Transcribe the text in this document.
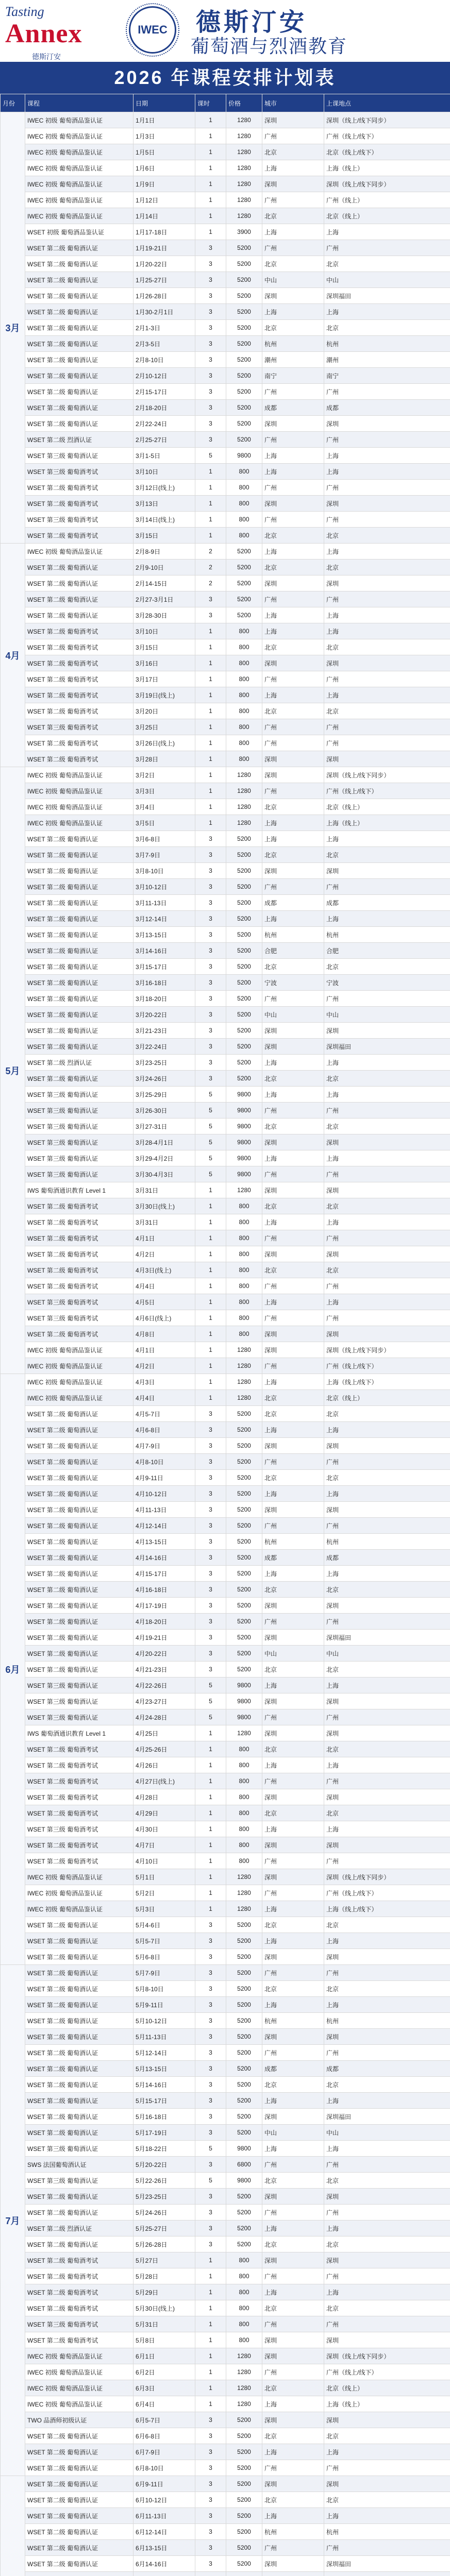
Tasting
Annex
德斯汀安
IWEC 德斯汀安
葡萄酒与烈酒教育
2026 年课程安排计划表
月份	课程	日期	课时	价格	城市	上课地点
3月	IWEC 初级 葡萄酒品鉴认证	1月1日	1	1280	深圳	深圳（线上/线下同步）
	IWEC 初级 葡萄酒品鉴认证	1月3日	1	1280	广州	广州（线上/线下）
	IWEC 初级 葡萄酒品鉴认证	1月5日	1	1280	北京	北京（线上/线下）
	IWEC 初级 葡萄酒品鉴认证	1月6日	1	1280	上海	上海（线上）
	IWEC 初级 葡萄酒品鉴认证	1月9日	1	1280	深圳	深圳（线上/线下同步）
	IWEC 初级 葡萄酒品鉴认证	1月12日	1	1280	广州	广州（线上）
	IWEC 初级 葡萄酒品鉴认证	1月14日	1	1280	北京	北京（线上）
	WSET 初级 葡萄酒品鉴认证	1月17-18日	1	3900	上海	上海
	WSET 第二级 葡萄酒认证	1月19-21日	3	5200	广州	广州
	WSET 第二级 葡萄酒认证	1月20-22日	3	5200	北京	北京
	WSET 第二级 葡萄酒认证	1月25-27日	3	5200	中山	中山
	WSET 第二级 葡萄酒认证	1月26-28日	3	5200	深圳	深圳福田
	WSET 第二级 葡萄酒认证	1月30-2月1日	3	5200	上海	上海
	WSET 第二级 葡萄酒认证	2月1-3日	3	5200	北京	北京
	WSET 第二级 葡萄酒认证	2月3-5日	3	5200	杭州	杭州
	WSET 第二级 葡萄酒认证	2月8-10日	3	5200	潮州	潮州
	WSET 第二级 葡萄酒认证	2月10-12日	3	5200	南宁	南宁
	WSET 第二级 葡萄酒认证	2月15-17日	3	5200	广州	广州
	WSET 第二级 葡萄酒认证	2月18-20日	3	5200	成都	成都
	WSET 第二级 葡萄酒认证	2月22-24日	3	5200	深圳	深圳
	WSET 第二级 烈酒认证	2月25-27日	3	5200	广州	广州
	WSET 第三级 葡萄酒认证	3月1-5日	5	9800	上海	上海
	WSET 第三级 葡萄酒考试	3月10日	1	800	上海	上海
	WSET 第二级 葡萄酒考试	3月12日(线上)	1	800	广州	广州
	WSET 第二级 葡萄酒考试	3月13日	1	800	深圳	深圳
	WSET 第三级 葡萄酒考试	3月14日(线上)	1	800	广州	广州
	WSET 第二级 葡萄酒考试	3月15日	1	800	北京	北京
4月	IWEC 初级 葡萄酒品鉴认证	2月8-9日	2	5200	上海	上海
	WSET 第二级 葡萄酒认证	2月9-10日	2	5200	北京	北京
	WSET 第二级 葡萄酒认证	2月14-15日	2	5200	深圳	深圳
	WSET 第二级 葡萄酒认证	2月27-3月1日	3	5200	广州	广州
	WSET 第二级 葡萄酒认证	3月28-30日	3	5200	上海	上海
	WSET 第二级 葡萄酒考试	3月10日	1	800	上海	上海
	WSET 第二级 葡萄酒考试	3月15日	1	800	北京	北京
	WSET 第二级 葡萄酒考试	3月16日	1	800	深圳	深圳
	WSET 第二级 葡萄酒考试	3月17日	1	800	广州	广州
	WSET 第二级 葡萄酒考试	3月19日(线上)	1	800	上海	上海
	WSET 第二级 葡萄酒考试	3月20日	1	800	北京	北京
	WSET 第三级 葡萄酒考试	3月25日	1	800	广州	广州
	WSET 第二级 葡萄酒考试	3月26日(线上)	1	800	广州	广州
	WSET 第二级 葡萄酒考试	3月28日	1	800	深圳	深圳
5月	IWEC 初级 葡萄酒品鉴认证	3月2日	1	1280	深圳	深圳（线上/线下同步）
	IWEC 初级 葡萄酒品鉴认证	3月3日	1	1280	广州	广州（线上/线下）
	IWEC 初级 葡萄酒品鉴认证	3月4日	1	1280	北京	北京（线上）
	IWEC 初级 葡萄酒品鉴认证	3月5日	1	1280	上海	上海（线上）
	WSET 第二级 葡萄酒认证	3月6-8日	3	5200	上海	上海
	WSET 第二级 葡萄酒认证	3月7-9日	3	5200	北京	北京
	WSET 第二级 葡萄酒认证	3月8-10日	3	5200	深圳	深圳
	WSET 第二级 葡萄酒认证	3月10-12日	3	5200	广州	广州
	WSET 第二级 葡萄酒认证	3月11-13日	3	5200	成都	成都
	WSET 第二级 葡萄酒认证	3月12-14日	3	5200	上海	上海
	WSET 第二级 葡萄酒认证	3月13-15日	3	5200	杭州	杭州
	WSET 第二级 葡萄酒认证	3月14-16日	3	5200	合肥	合肥
	WSET 第二级 葡萄酒认证	3月15-17日	3	5200	北京	北京
	WSET 第二级 葡萄酒认证	3月16-18日	3	5200	宁波	宁波
	WSET 第二级 葡萄酒认证	3月18-20日	3	5200	广州	广州
	WSET 第二级 葡萄酒认证	3月20-22日	3	5200	中山	中山
	WSET 第二级 葡萄酒认证	3月21-23日	3	5200	深圳	深圳
	WSET 第二级 葡萄酒认证	3月22-24日	3	5200	深圳	深圳福田
	WSET 第二级 烈酒认证	3月23-25日	3	5200	上海	上海
	WSET 第二级 葡萄酒认证	3月24-26日	3	5200	北京	北京
	WSET 第三级 葡萄酒认证	3月25-29日	5	9800	上海	上海
	WSET 第三级 葡萄酒认证	3月26-30日	5	9800	广州	广州
	WSET 第三级 葡萄酒认证	3月27-31日	5	9800	北京	北京
	WSET 第三级 葡萄酒认证	3月28-4月1日	5	9800	深圳	深圳
	WSET 第三级 葡萄酒认证	3月29-4月2日	5	9800	上海	上海
	WSET 第三级 葡萄酒认证	3月30-4月3日	5	9800	广州	广州
	IWS 葡萄酒通识教育 Level 1	3月31日	1	1280	深圳	深圳
	WSET 第二级 葡萄酒考试	3月30日(线上)	1	800	北京	北京
	WSET 第二级 葡萄酒考试	3月31日	1	800	上海	上海
	WSET 第二级 葡萄酒考试	4月1日	1	800	广州	广州
	WSET 第二级 葡萄酒考试	4月2日	1	800	深圳	深圳
	WSET 第二级 葡萄酒考试	4月3日(线上)	1	800	北京	北京
	WSET 第二级 葡萄酒考试	4月4日	1	800	广州	广州
	WSET 第三级 葡萄酒考试	4月5日	1	800	上海	上海
	WSET 第三级 葡萄酒考试	4月6日(线上)	1	800	广州	广州
	WSET 第二级 葡萄酒考试	4月8日	1	800	深圳	深圳
	IWEC 初级 葡萄酒品鉴认证	4月1日	1	1280	深圳	深圳（线上/线下同步）
	IWEC 初级 葡萄酒品鉴认证	4月2日	1	1280	广州	广州（线上/线下）
6月	IWEC 初级 葡萄酒品鉴认证	4月3日	1	1280	上海	上海（线上/线下）
	IWEC 初级 葡萄酒品鉴认证	4月4日	1	1280	北京	北京（线上）
	WSET 第二级 葡萄酒认证	4月5-7日	3	5200	北京	北京
	WSET 第二级 葡萄酒认证	4月6-8日	3	5200	上海	上海
	WSET 第二级 葡萄酒认证	4月7-9日	3	5200	深圳	深圳
	WSET 第二级 葡萄酒认证	4月8-10日	3	5200	广州	广州
	WSET 第二级 葡萄酒认证	4月9-11日	3	5200	北京	北京
	WSET 第二级 葡萄酒认证	4月10-12日	3	5200	上海	上海
	WSET 第二级 葡萄酒认证	4月11-13日	3	5200	深圳	深圳
	WSET 第二级 葡萄酒认证	4月12-14日	3	5200	广州	广州
	WSET 第二级 葡萄酒认证	4月13-15日	3	5200	杭州	杭州
	WSET 第二级 葡萄酒认证	4月14-16日	3	5200	成都	成都
	WSET 第二级 葡萄酒认证	4月15-17日	3	5200	上海	上海
	WSET 第二级 葡萄酒认证	4月16-18日	3	5200	北京	北京
	WSET 第二级 葡萄酒认证	4月17-19日	3	5200	深圳	深圳
	WSET 第二级 葡萄酒认证	4月18-20日	3	5200	广州	广州
	WSET 第二级 葡萄酒认证	4月19-21日	3	5200	深圳	深圳福田
	WSET 第二级 葡萄酒认证	4月20-22日	3	5200	中山	中山
	WSET 第二级 葡萄酒认证	4月21-23日	3	5200	北京	北京
	WSET 第三级 葡萄酒认证	4月22-26日	5	9800	上海	上海
	WSET 第三级 葡萄酒认证	4月23-27日	5	9800	深圳	深圳
	WSET 第三级 葡萄酒认证	4月24-28日	5	9800	广州	广州
	IWS 葡萄酒通识教育 Level 1	4月25日	1	1280	深圳	深圳
	WSET 第二级 葡萄酒考试	4月25-26日	1	800	北京	北京
	WSET 第二级 葡萄酒考试	4月26日	1	800	上海	上海
	WSET 第二级 葡萄酒考试	4月27日(线上)	1	800	广州	广州
	WSET 第二级 葡萄酒考试	4月28日	1	800	深圳	深圳
	WSET 第二级 葡萄酒考试	4月29日	1	800	北京	北京
	WSET 第三级 葡萄酒考试	4月30日	1	800	上海	上海
	WSET 第二级 葡萄酒考试	4月7日	1	800	深圳	深圳
	WSET 第二级 葡萄酒考试	4月10日	1	800	广州	广州
	IWEC 初级 葡萄酒品鉴认证	5月1日	1	1280	深圳	深圳（线上/线下同步）
	IWEC 初级 葡萄酒品鉴认证	5月2日	1	1280	广州	广州（线上/线下）
	IWEC 初级 葡萄酒品鉴认证	5月3日	1	1280	上海	上海（线上/线下）
	WSET 第二级 葡萄酒认证	5月4-6日	3	5200	北京	北京
	WSET 第二级 葡萄酒认证	5月5-7日	3	5200	上海	上海
	WSET 第二级 葡萄酒认证	5月6-8日	3	5200	深圳	深圳
7月	WSET 第二级 葡萄酒认证	5月7-9日	3	5200	广州	广州
	WSET 第二级 葡萄酒认证	5月8-10日	3	5200	北京	北京
	WSET 第二级 葡萄酒认证	5月9-11日	3	5200	上海	上海
	WSET 第二级 葡萄酒认证	5月10-12日	3	5200	杭州	杭州
	WSET 第二级 葡萄酒认证	5月11-13日	3	5200	深圳	深圳
	WSET 第二级 葡萄酒认证	5月12-14日	3	5200	广州	广州
	WSET 第二级 葡萄酒认证	5月13-15日	3	5200	成都	成都
	WSET 第二级 葡萄酒认证	5月14-16日	3	5200	北京	北京
	WSET 第二级 葡萄酒认证	5月15-17日	3	5200	上海	上海
	WSET 第二级 葡萄酒认证	5月16-18日	3	5200	深圳	深圳福田
	WSET 第二级 葡萄酒认证	5月17-19日	3	5200	中山	中山
	WSET 第三级 葡萄酒认证	5月18-22日	5	9800	上海	上海
	SWS 法国葡萄酒认证	5月20-22日	3	6800	广州	广州
	WSET 第三级 葡萄酒认证	5月22-26日	5	9800	北京	北京
	WSET 第二级 葡萄酒认证	5月23-25日	3	5200	深圳	深圳
	WSET 第二级 葡萄酒认证	5月24-26日	3	5200	广州	广州
	WSET 第二级 烈酒认证	5月25-27日	3	5200	上海	上海
	WSET 第二级 葡萄酒认证	5月26-28日	3	5200	北京	北京
	WSET 第二级 葡萄酒考试	5月27日	1	800	深圳	深圳
	WSET 第二级 葡萄酒考试	5月28日	1	800	广州	广州
	WSET 第二级 葡萄酒考试	5月29日	1	800	上海	上海
	WSET 第二级 葡萄酒考试	5月30日(线上)	1	800	北京	北京
	WSET 第三级 葡萄酒考试	5月31日	1	800	广州	广州
	WSET 第二级 葡萄酒考试	5月8日	1	800	深圳	深圳
	IWEC 初级 葡萄酒品鉴认证	6月1日	1	1280	深圳	深圳（线上/线下同步）
	IWEC 初级 葡萄酒品鉴认证	6月2日	1	1280	广州	广州（线上/线下）
	IWEC 初级 葡萄酒品鉴认证	6月3日	1	1280	北京	北京（线上）
	IWEC 初级 葡萄酒品鉴认证	6月4日	1	1280	上海	上海（线上）
	TWO 品酒师初级认证	6月5-7日	3	5200	深圳	深圳
	WSET 第二级 葡萄酒认证	6月6-8日	3	5200	北京	北京
	WSET 第二级 葡萄酒认证	6月7-9日	3	5200	上海	上海
	WSET 第二级 葡萄酒认证	6月8-10日	3	5200	广州	广州
	WSET 第二级 葡萄酒认证	6月9-11日	3	5200	深圳	深圳
	WSET 第二级 葡萄酒认证	6月10-12日	3	5200	北京	北京
	WSET 第二级 葡萄酒认证	6月11-13日	3	5200	上海	上海
	WSET 第二级 葡萄酒认证	6月12-14日	3	5200	杭州	杭州
	WSET 第二级 葡萄酒认证	6月13-15日	3	5200	广州	广州
	WSET 第二级 葡萄酒认证	6月14-16日	3	5200	深圳	深圳福田
